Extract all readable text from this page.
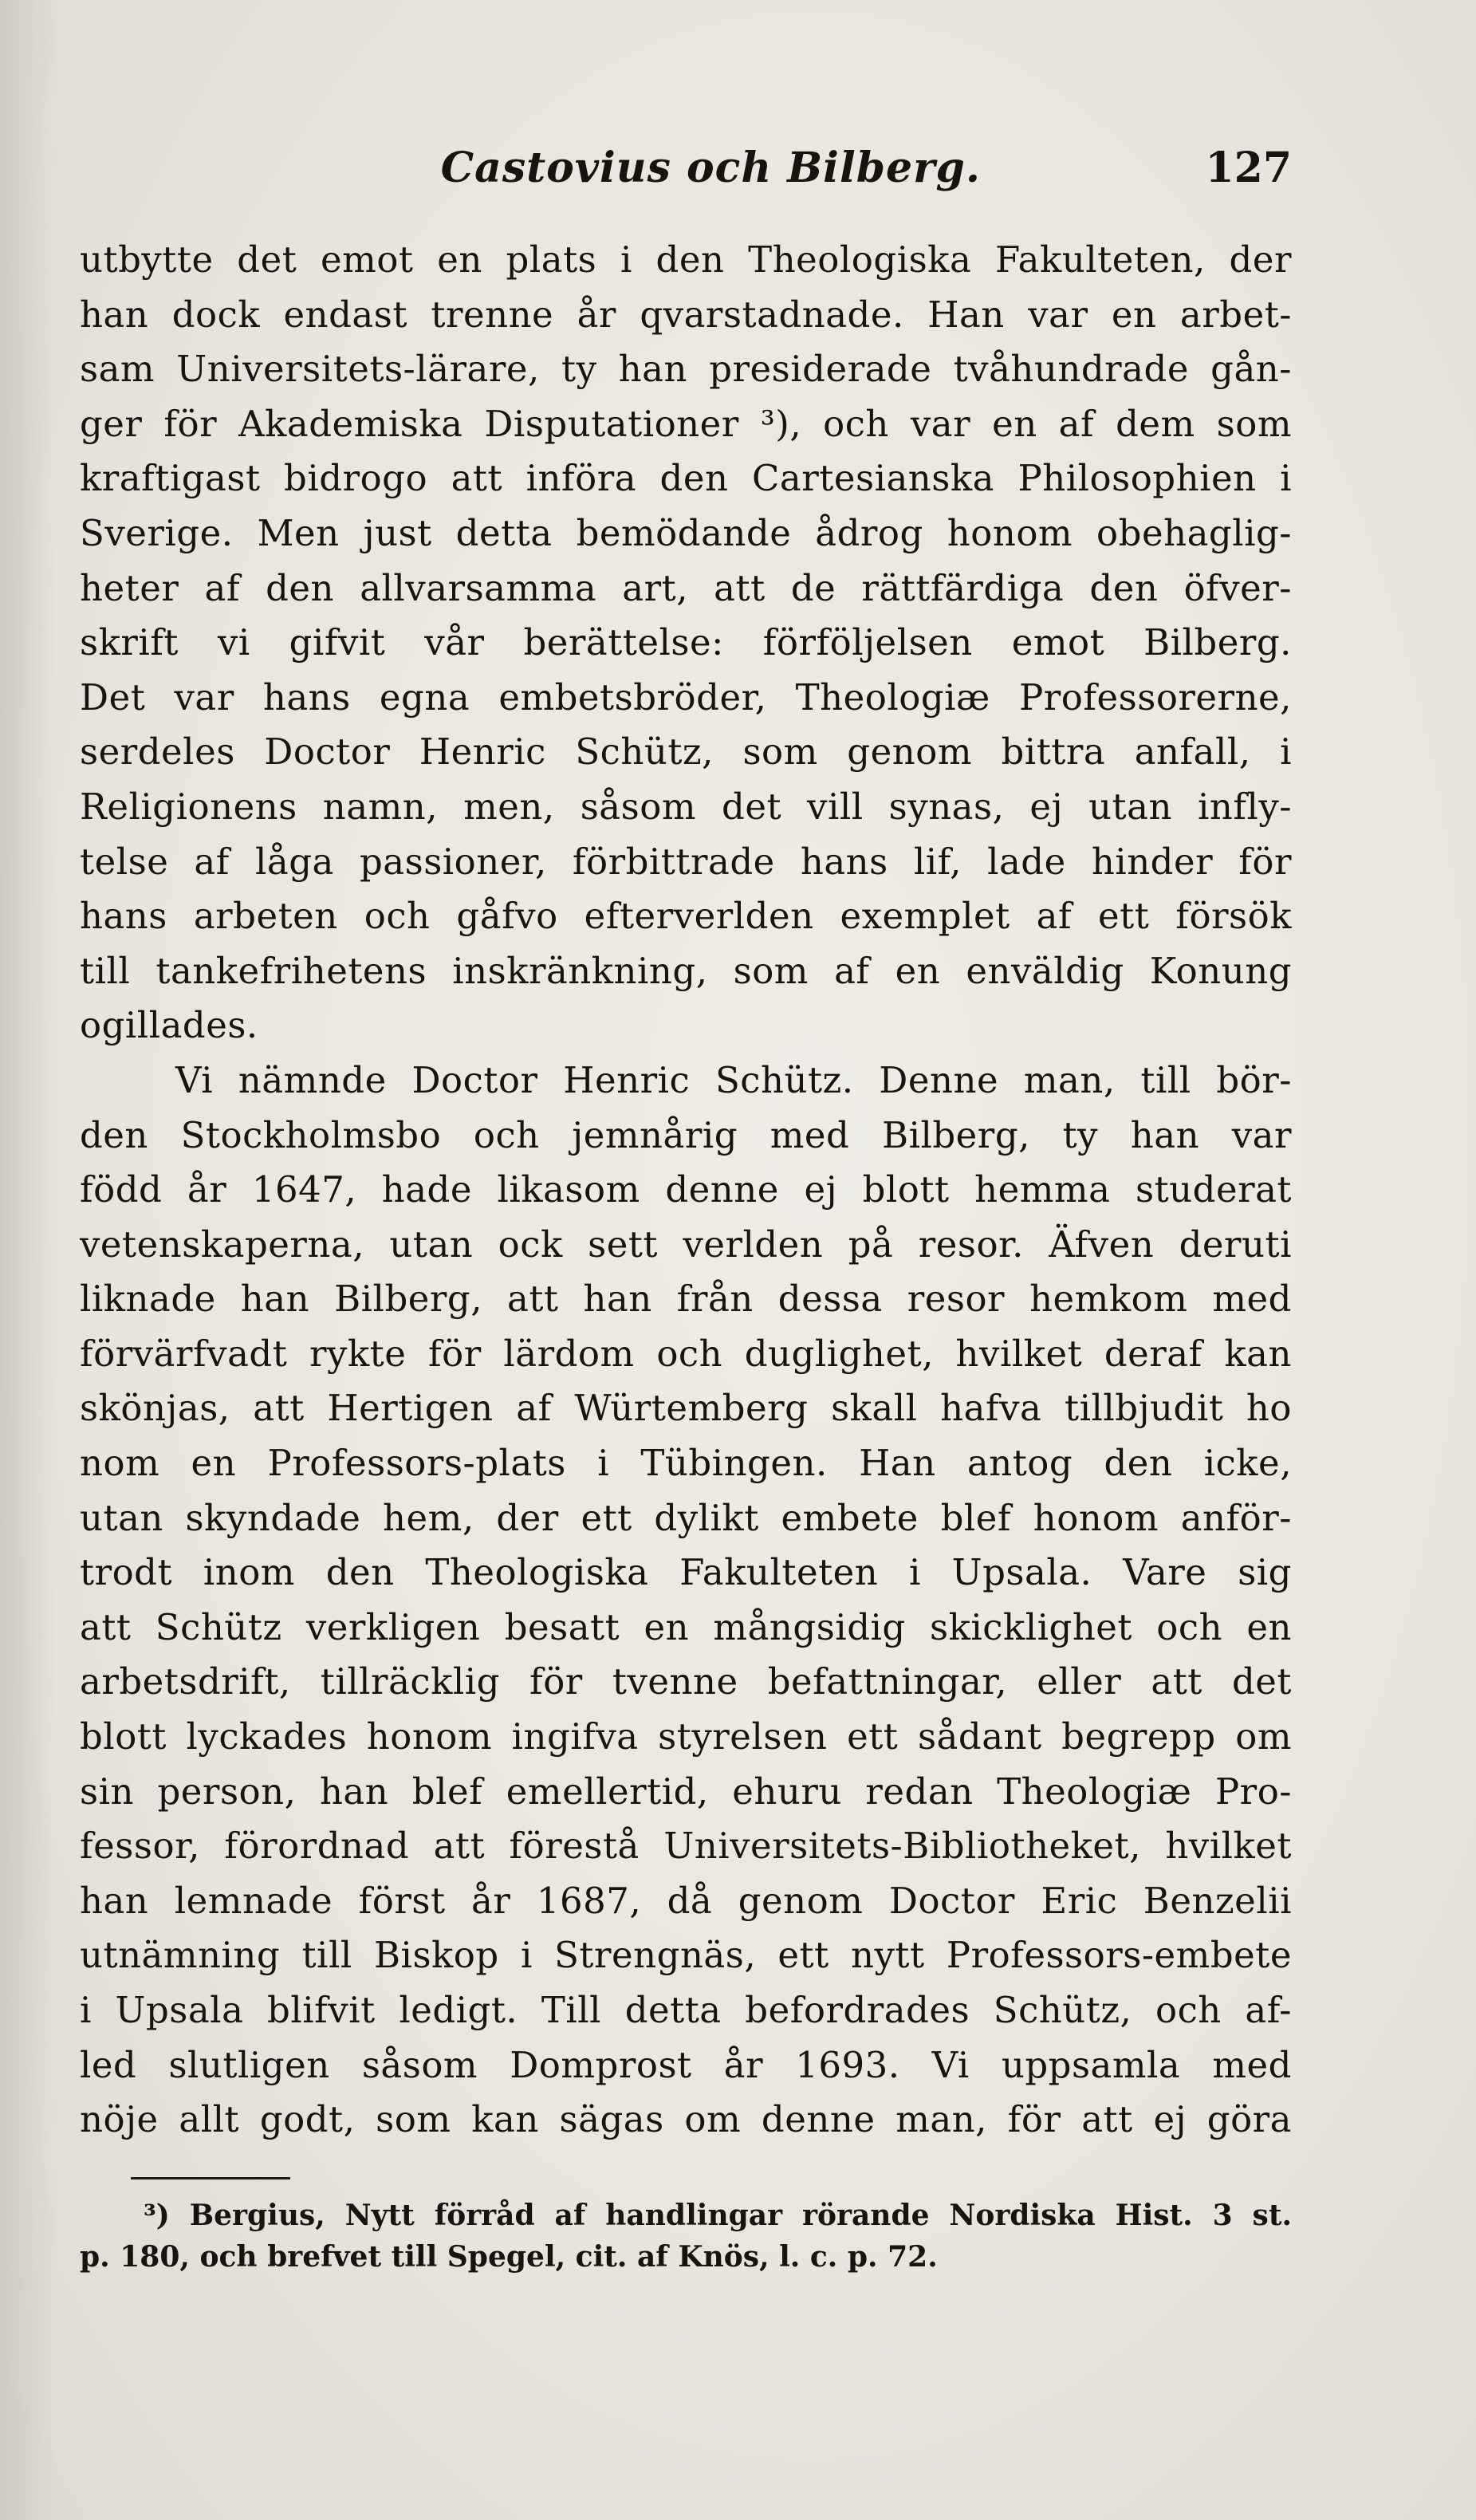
Castovius och Bilberg.	127
utbytte det emot en plats i den Theologiska Fakulteten, der
han dock endast trenne år qvarstadnade. Han var en arbet-
sam Universitets-lärare, ty han presiderade tvåhundrade gån-
ger för Akademiska Disputationer ³), och var en af dem som
kraftigast bidrogo att införa den Cartesianska Philosophien i
Sverige. Men just detta bemödande ådrog honom obehaglig-
heter af den allvarsamma art, att de rättfärdiga den öfver-
skrift vi gifvit vår berättelse: förföljelsen emot Bilberg.
Det var hans egna embetsbröder, Theologiæ Professorerne,
serdeles Doctor Henric Schütz, som genom bittra anfall, i
Religionens namn, men, såsom det vill synas, ej utan infly-
telse af låga passioner, förbittrade hans lif, lade hinder för
hans arbeten och gåfvo efterverlden exemplet af ett försök
till tankefrihetens inskränkning, som af en enväldig Konung
ogillades.
Vi nämnde Doctor Henric Schütz. Denne man, till bör-
den Stockholmsbo och jemnårig med Bilberg, ty han var
född år 1647, hade likasom denne ej blott hemma studerat
vetenskaperna, utan ock sett verlden på resor. Äfven deruti
liknade han Bilberg, att han från dessa resor hemkom med
förvärfvadt rykte för lärdom och duglighet, hvilket deraf kan
skönjas, att Hertigen af Würtemberg skall hafva tillbjudit ho
nom en Professors-plats i Tübingen. Han antog den icke,
utan skyndade hem, der ett dylikt embete blef honom anför-
trodt inom den Theologiska Fakulteten i Upsala. Vare sig
att Schütz verkligen besatt en mångsidig skicklighet och en
arbetsdrift, tillräcklig för tvenne befattningar, eller att det
blott lyckades honom ingifva styrelsen ett sådant begrepp om
sin person, han blef emellertid, ehuru redan Theologiæ Pro-
fessor, förordnad att förestå Universitets-Bibliotheket, hvilket
han lemnade först år 1687, då genom Doctor Eric Benzelii
utnämning till Biskop i Strengnäs, ett nytt Professors-embete
i Upsala blifvit ledigt. Till detta befordrades Schütz, och af-
led slutligen såsom Domprost år 1693. Vi uppsamla med
nöje allt godt, som kan sägas om denne man, för att ej göra
³) Bergius, Nytt förråd af handlingar rörande Nordiska Hist. 3 st.
p. 180, och brefvet till Spegel, cit. af Knös, l. c. p. 72.
